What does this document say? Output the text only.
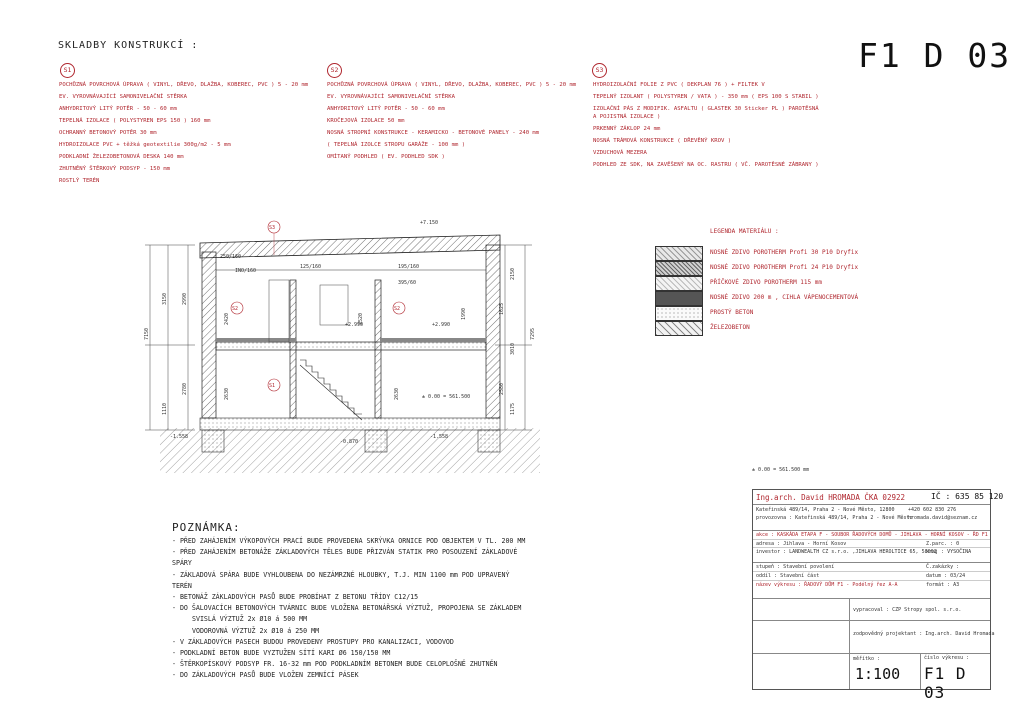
SKLADBY KONSTRUKCÍ :	F1 D 03
S1
POCHŮZNÁ POVRCHOVÁ ÚPRAVA ( VINYL, DŘEVO, DLAŽBA, KOBEREC, PVC ) 5 - 20 mm
EV. VYROVNÁVAJÍCÍ SAMONIVELAČNÍ STĚRKA
ANHYDRITOVÝ LITÝ POTĚR - 50 - 60 mm
TEPELNÁ IZOLACE ( POLYSTYREN EPS 150 ) 160 mm
OCHRANNÝ BETONOVÝ POTĚR 30 mm
HYDROIZOLACE PVC + těžká geotextilie 300g/m2 - 5 mm
PODKLADNÍ ŽELEZOBETONOVÁ DESKA 140 mm
ZHUTNĚNÝ ŠTĚRKOVÝ PODSYP - 150 mm
ROSTLÝ TERÉN
S2
POCHŮZNÁ POVRCHOVÁ ÚPRAVA ( VINYL, DŘEVO, DLAŽBA, KOBEREC, PVC ) 5 - 20 mm
EV. VYROVNÁVAJÍCÍ SAMONIVELAČNÍ STĚRKA
ANHYDRITOVÝ LITÝ POTĚR - 50 - 60 mm
KROČEJOVÁ IZOLACE 50 mm
NOSNÁ STROPNÍ KONSTRUKCE - KERAMICKO - BETONOVÉ PANELY - 240 mm
( TEPELNÁ IZOLCE STROPU GARÁŽE - 100 mm )
OMÍTANÝ PODHLED ( EV. PODHLED SDK )
S3
HYDROIZOLAČNÍ FOLIE Z PVC ( DEKPLAN 76 ) + FILTEK V
TEPELNÝ IZOLANT ( POLYSTYREN / VATA ) - 350 mm ( EPS 100 S STABIL )
IZOLAČNÍ PÁS Z MODIFIK. ASFALTU ( GLASTEK 30 Sticker PL ) PAROTĚSNÁ A POJISTNÁ IZOLACE )
PRKENNÝ ZÁKLOP 24 mm
NOSNÁ TRÁMOVÁ KONSTRUKCE ( DŘEVĚNÝ KROV )
VZDUCHOVÁ MEZERA
PODHLED ZE SDK, NA ZAVĚŠENÝ NA OC. RASTRU ( VČ. PAROTĚSNÉ ZÁBRANY )
+7.150
+2.990	+2.990
± 0.00 = 561.500
-1.558	-1.558
-0.870
125/160
INO/160
195/160
250/160
395/60
7150
3150
1110
2780
2990
7295
3010
1625
2580
2150
1175
2420
2630
2520	1990
2630
S3
S2	S2
S1
LEGENDA MATERIÁLU :
NOSNÉ ZDIVO POROTHERM Profi 30 P10 Dryfix
NOSNÉ ZDIVO POROTHERM Profi 24 P10 Dryfix
PŘÍČKOVÉ ZDIVO POROTHERM 115 mm
NOSNÉ ZDIVO 200 m , CIHLA VÁPENOCEMENTOVÁ
PROSTÝ BETON
ŽELEZOBETON
± 0.00 = 561.500 mm
POZNÁMKA:
- PŘED ZAHÁJENÍM VÝKOPOVÝCH PRACÍ BUDE PROVEDENA SKRÝVKA ORNICE POD OBJEKTEM V TL. 200 MM
- PŘED ZAHÁJENÍM BETONÁŽE ZÁKLADOVÝCH TĚLES BUDE PŘIZVÁN STATIK PRO POSOUZENÍ ZÁKLADOVÉ SPÁRY
- ZÁKLADOVÁ SPÁRA BUDE VYHLOUBENA DO NEZÁMRZNÉ HLOUBKY, T.J. MIN 1100 mm POD UPRAVENÝ TERÉN
- BETONÁŽ ZÁKLADOVÝCH PASŮ BUDE PROBÍHAT Z BETONU TŘÍDY C12/15
- DO ŠALOVACÍCH BETONOVÝCH TVÁRNIC BUDE VLOŽENA BETONÁŘSKÁ VÝZTUŽ, PROPOJENA SE ZÁKLADEM
SVISLÁ VÝZTUŽ 2x Ø10 á 500 MM
VODOROVNÁ VÝZTUŽ 2x Ø10 á 250 MM
- V ZÁKLADOVÝCH PASECH BUDOU PROVEDENY PROSTUPY PRO KANALIZACI, VODOVOD
- PODKLADNÍ BETON BUDE VYZTUŽEN SÍTÍ KARI Ø6 150/150 MM
- ŠTĚRKOPÍSKOVÝ PODSYP FR. 16-32 mm POD PODKLADNÍM BETONEM BUDE CELOPLOŠNĚ ZHUTNĚN
- DO ZÁKLADOVÝCH PASŮ BUDE VLOŽEN ZEMNÍCÍ PÁSEK
Ing.arch. David HROMADA ČKA 02922	IČ : 635 85 120
Kateřinská 489/14, Praha 2 - Nové Město, 12800	+420 602 830 276
provozovna : Kateřinská 489/14, Praha 2 - Nové Město
hromada.david@seznam.cz
akce : KASKÁDA ETAPA F - SOUBOR ŘADOVÝCH DOMŮ - JIHLAVA - HORNÍ KOSOV - ŘD F1
adresa : Jihlava - Horní Kosov	Z.parc. : 0
investor : LANDWEALTH CZ s.r.o. ,JIHLAVA HEROLTICE 65, 58601
kraj : VYSOČINA
stupeň : Stavební povolení	Č.zakázky :
oddíl : Stavební část	datum : 03/24
název výkresu : ŘADOVÝ DŮM F1 - Podélný řez A-A	formát : A3
vypracoval : CZP Stropy spol. s.r.o.
zodpovědný projektant : Ing.arch. David Hromada
měřítko :	číslo výkresu :
1:100 F1 D 03
